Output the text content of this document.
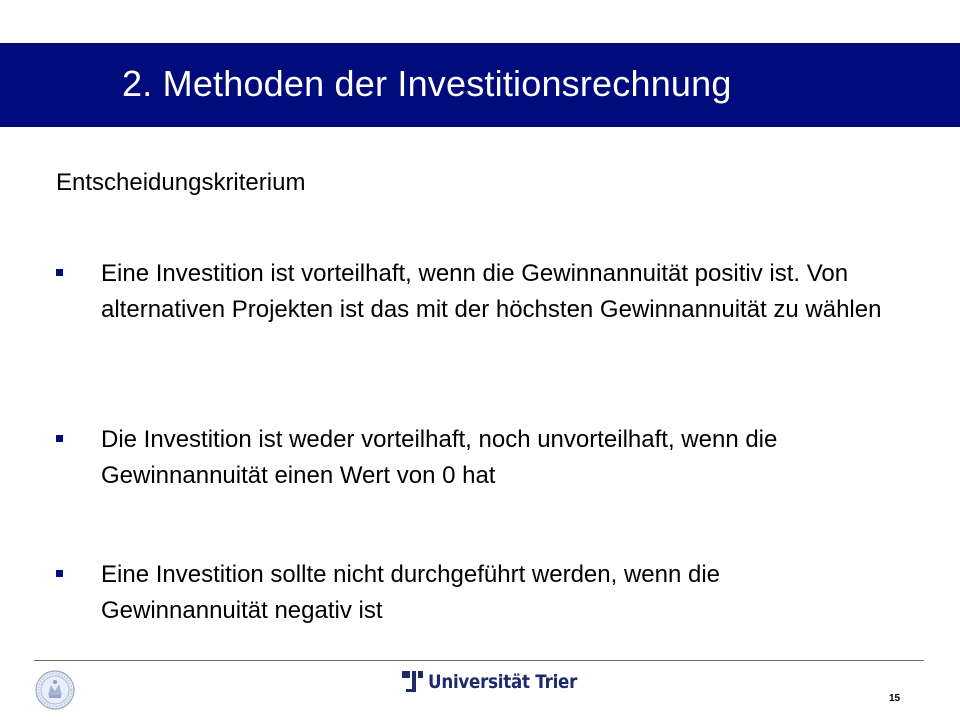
2. Methoden der Investitionsrechnung
Entscheidungskriterium
Eine Investition ist vorteilhaft, wenn die Gewinnannuität positiv ist. Von alternativen Projekten ist das mit der höchsten Gewinnannuität zu wählen
Die Investition ist weder vorteilhaft, noch unvorteilhaft, wenn die Gewinnannuität einen Wert von 0 hat
Eine Investition sollte nicht durchgeführt werden, wenn die Gewinnannuität negativ ist
Universität Trier
15
